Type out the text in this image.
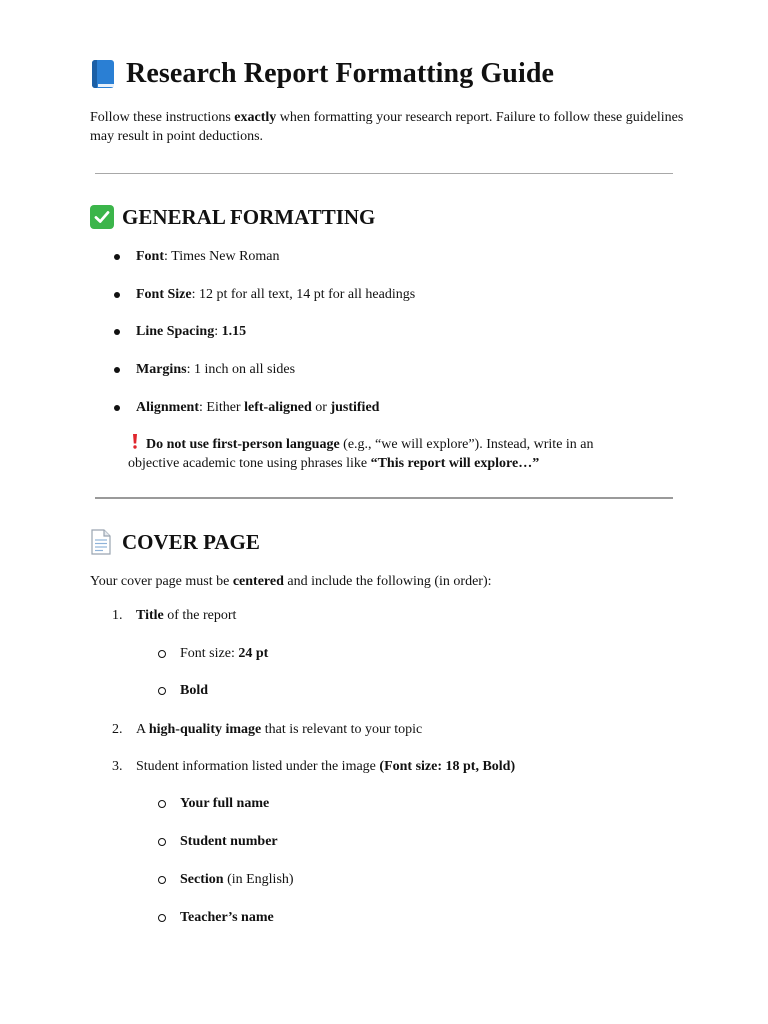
Research Report Formatting Guide
Follow these instructions exactly when formatting your research report. Failure to follow these guidelines may result in point deductions.
GENERAL FORMATTING
Font: Times New Roman
Font Size: 12 pt for all text, 14 pt for all headings
Line Spacing: 1.15
Margins: 1 inch on all sides
Alignment: Either left-aligned or justified
Do not use first-person language (e.g., “we will explore”). Instead, write in an objective academic tone using phrases like “This report will explore…”
COVER PAGE
Your cover page must be centered and include the following (in order):
1. Title of the report
Font size: 24 pt
Bold
2. A high-quality image that is relevant to your topic
3. Student information listed under the image (Font size: 18 pt, Bold)
Your full name
Student number
Section (in English)
Teacher’s name
